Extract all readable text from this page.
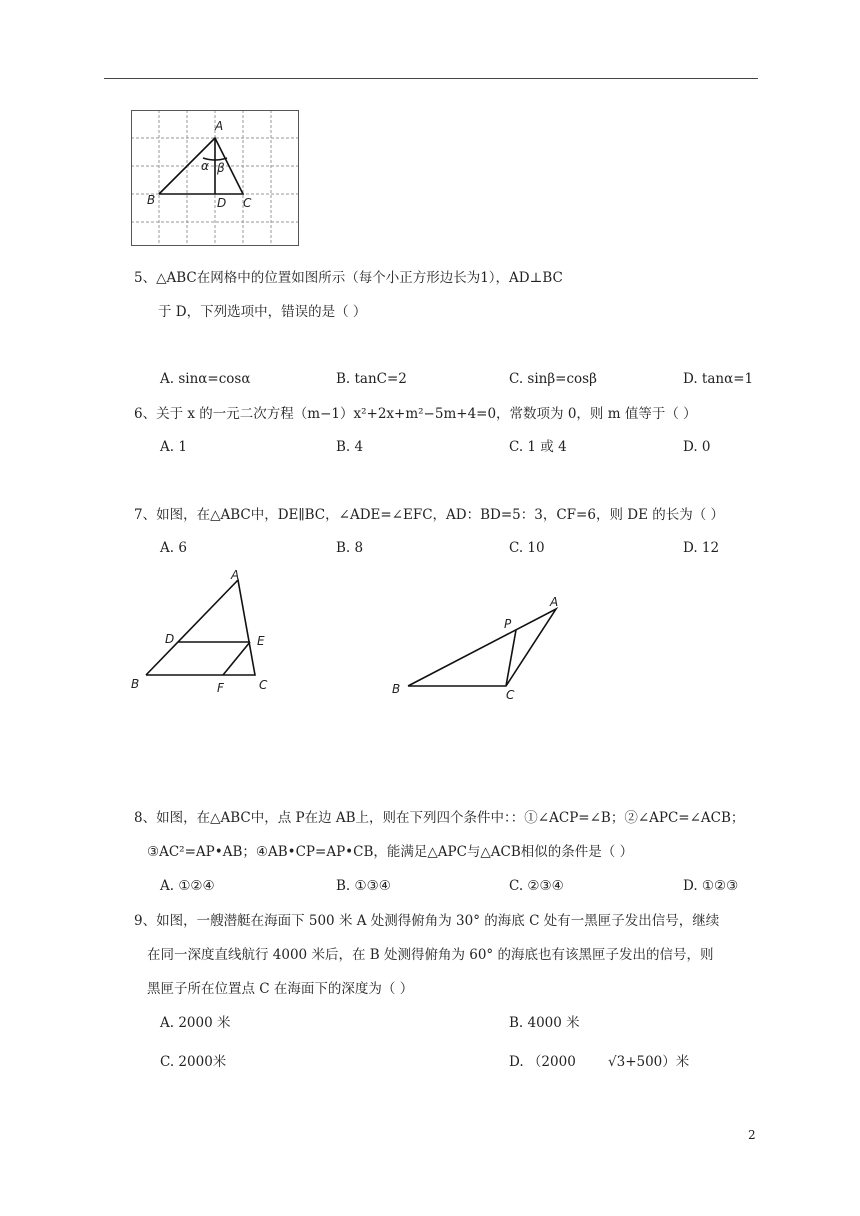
A
B	D C
α β
5、△ABC在网格中的位置如图所示（每个小正方形边长为1），AD⊥BC
于 D，下列选项中，错误的是（ ）
A. sinα=cosα	B. tanC=2	C. sinβ=cosβ	D. tanα=1
6、关于 x 的一元二次方程（m−1）x²+2x+m²−5m+4=0，常数项为 0，则 m 值等于（ ）
A. 1	B. 4	C. 1 或 4	D. 0
7、如图，在△ABC中，DE∥BC，∠ADE=∠EFC，AD：BD=5：3，CF=6，则 DE 的长为（ ）
A. 6	B. 8	C. 10	D. 12
A
D	E
B	F	C
A
P
B	C
8、如图，在△ABC中，点 P在边 AB上，则在下列四个条件中：：①∠ACP=∠B；②∠APC=∠ACB；
③AC²=AP•AB；④AB•CP=AP•CB，能满足△APC与△ACB相似的条件是（ ）
A. ①②④	B. ①③④	C. ②③④	D. ①②③
9、如图，一艘潜艇在海面下 500 米 A 处测得俯角为 30° 的海底 C 处有一黑匣子发出信号，继续
在同一深度直线航行 4000 米后，在 B 处测得俯角为 60° 的海底也有该黑匣子发出的信号，则
黑匣子所在位置点 C 在海面下的深度为（ ）
A. 2000 米	B. 4000 米
C. 2000米	D. （2000 √3+500）米
2
